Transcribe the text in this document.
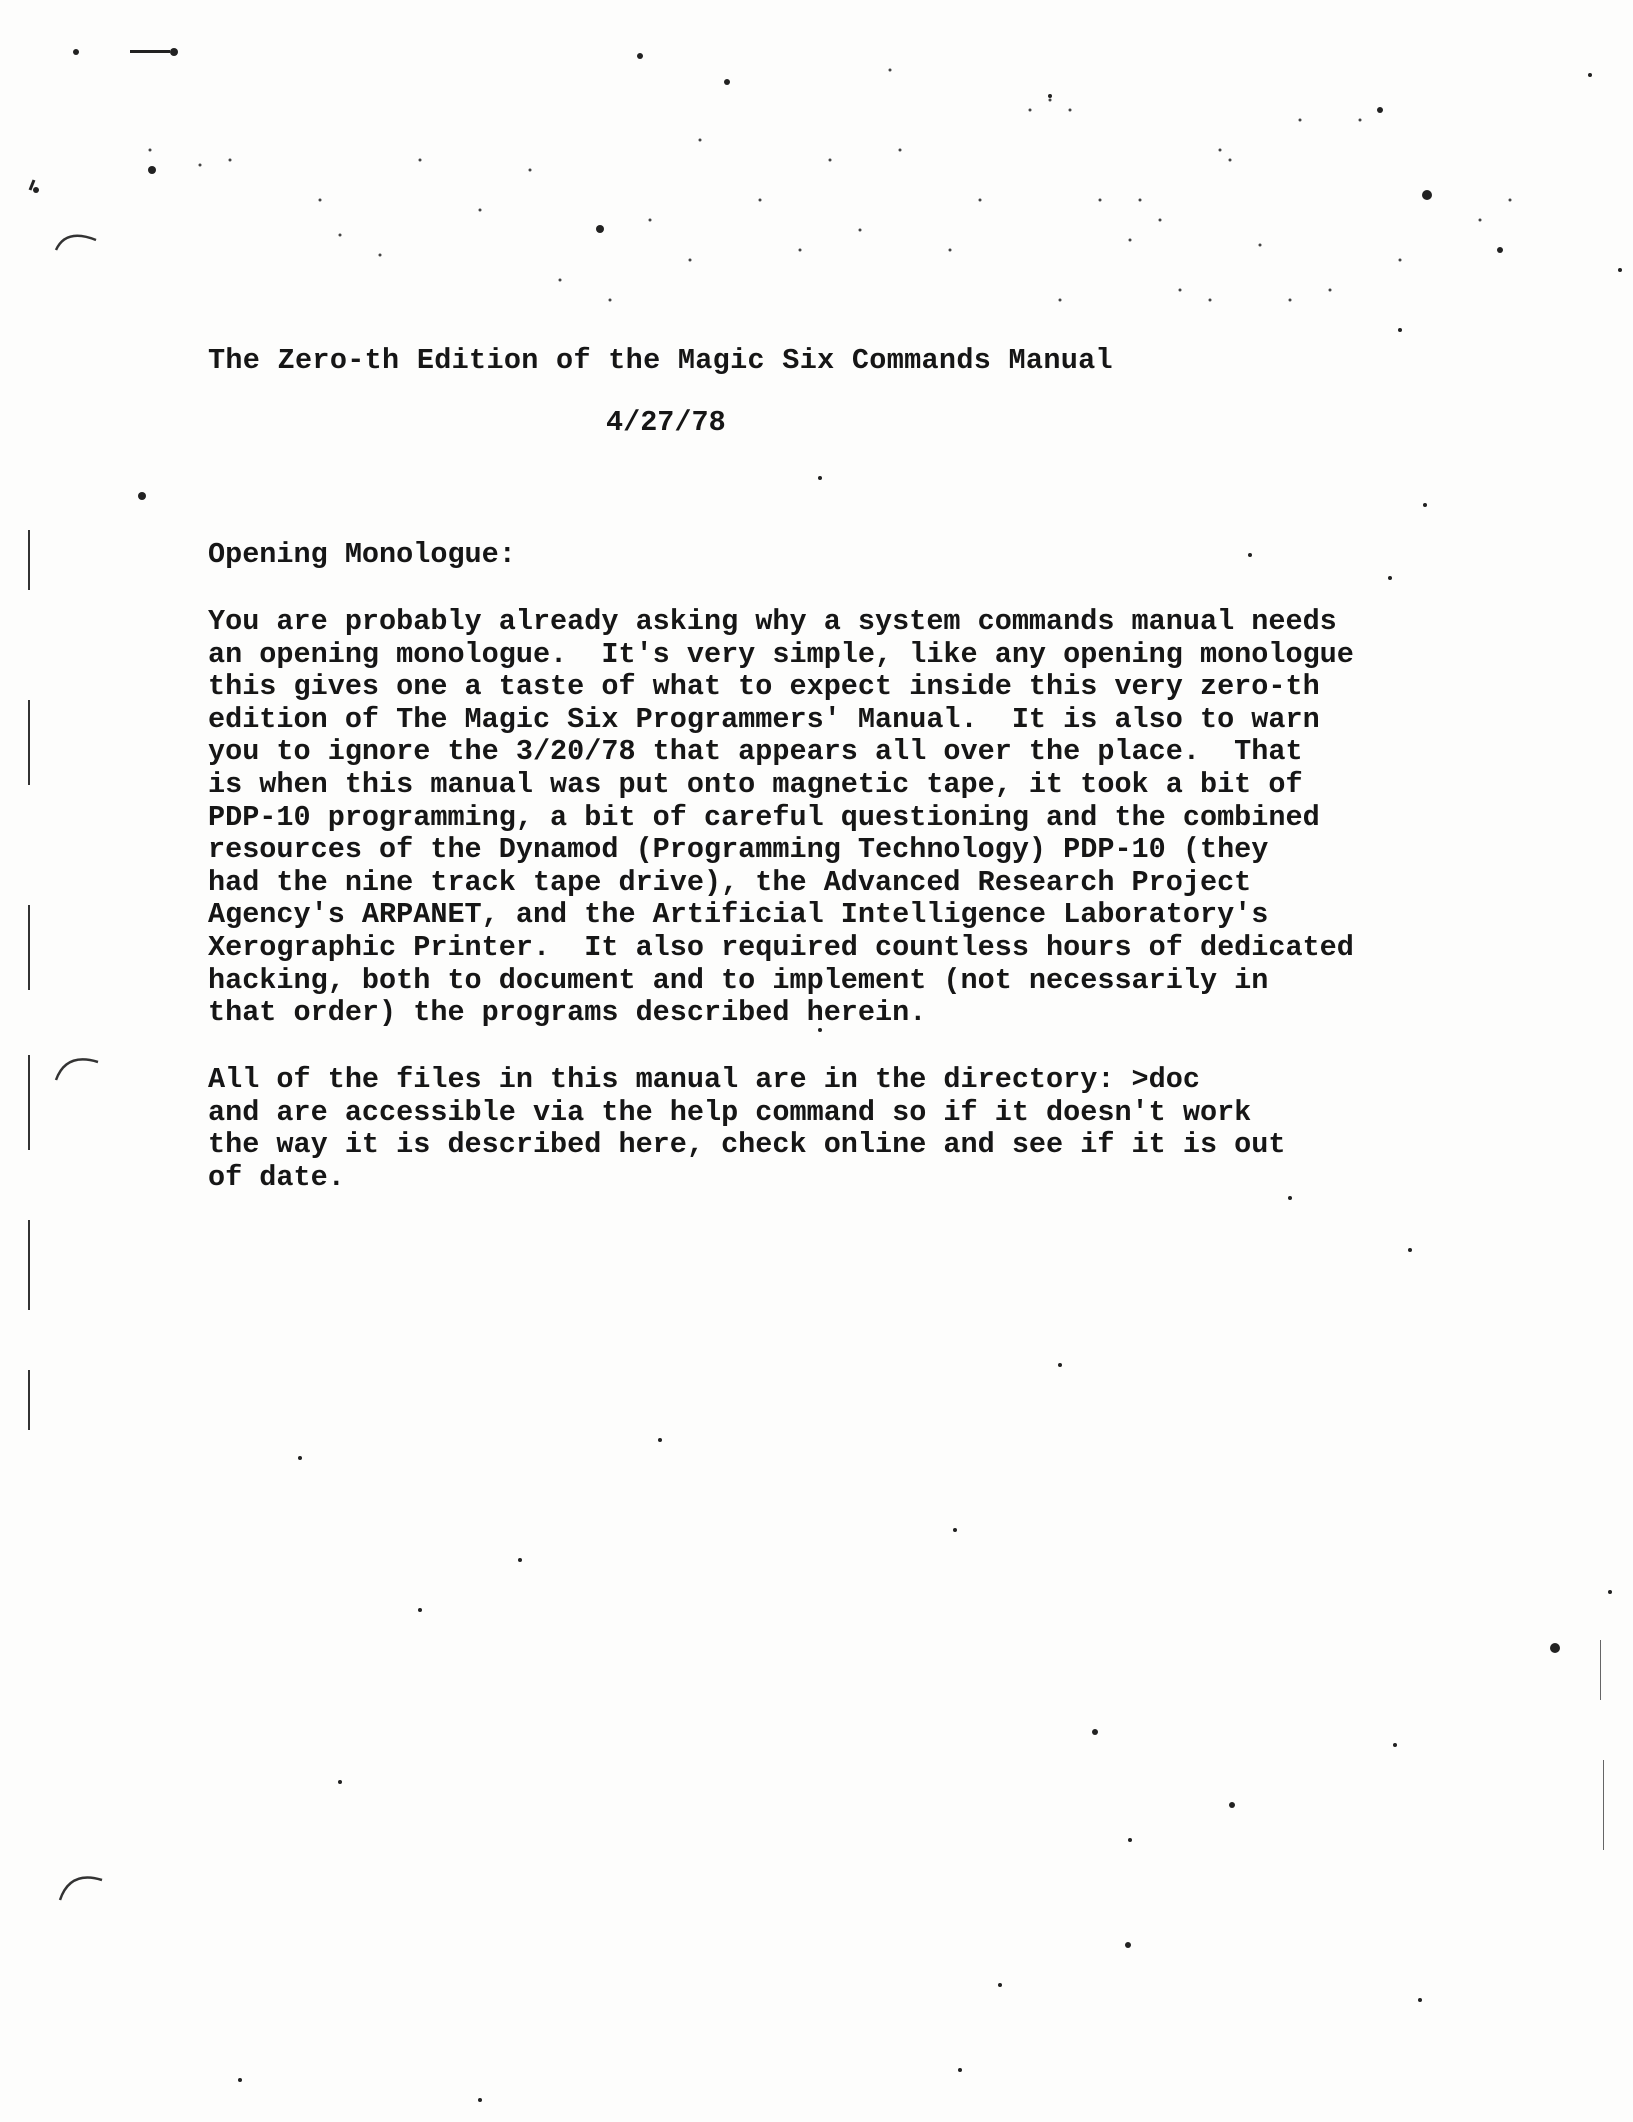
The Zero-th Edition of the Magic Six Commands Manual
4/27/78
Opening Monologue:
You are probably already asking why a system commands manual needs
an opening monologue.  It's very simple, like any opening monologue
this gives one a taste of what to expect inside this very zero-th
edition of The Magic Six Programmers' Manual.  It is also to warn
you to ignore the 3/20/78 that appears all over the place.  That
is when this manual was put onto magnetic tape, it took a bit of
PDP-10 programming, a bit of careful questioning and the combined
resources of the Dynamod (Programming Technology) PDP-10 (they
had the nine track tape drive), the Advanced Research Project
Agency's ARPANET, and the Artificial Intelligence Laboratory's
Xerographic Printer.  It also required countless hours of dedicated
hacking, both to document and to implement (not necessarily in
that order) the programs described herein.
All of the files in this manual are in the directory: >doc
and are accessible via the help command so if it doesn't work
the way it is described here, check online and see if it is out
of date.
